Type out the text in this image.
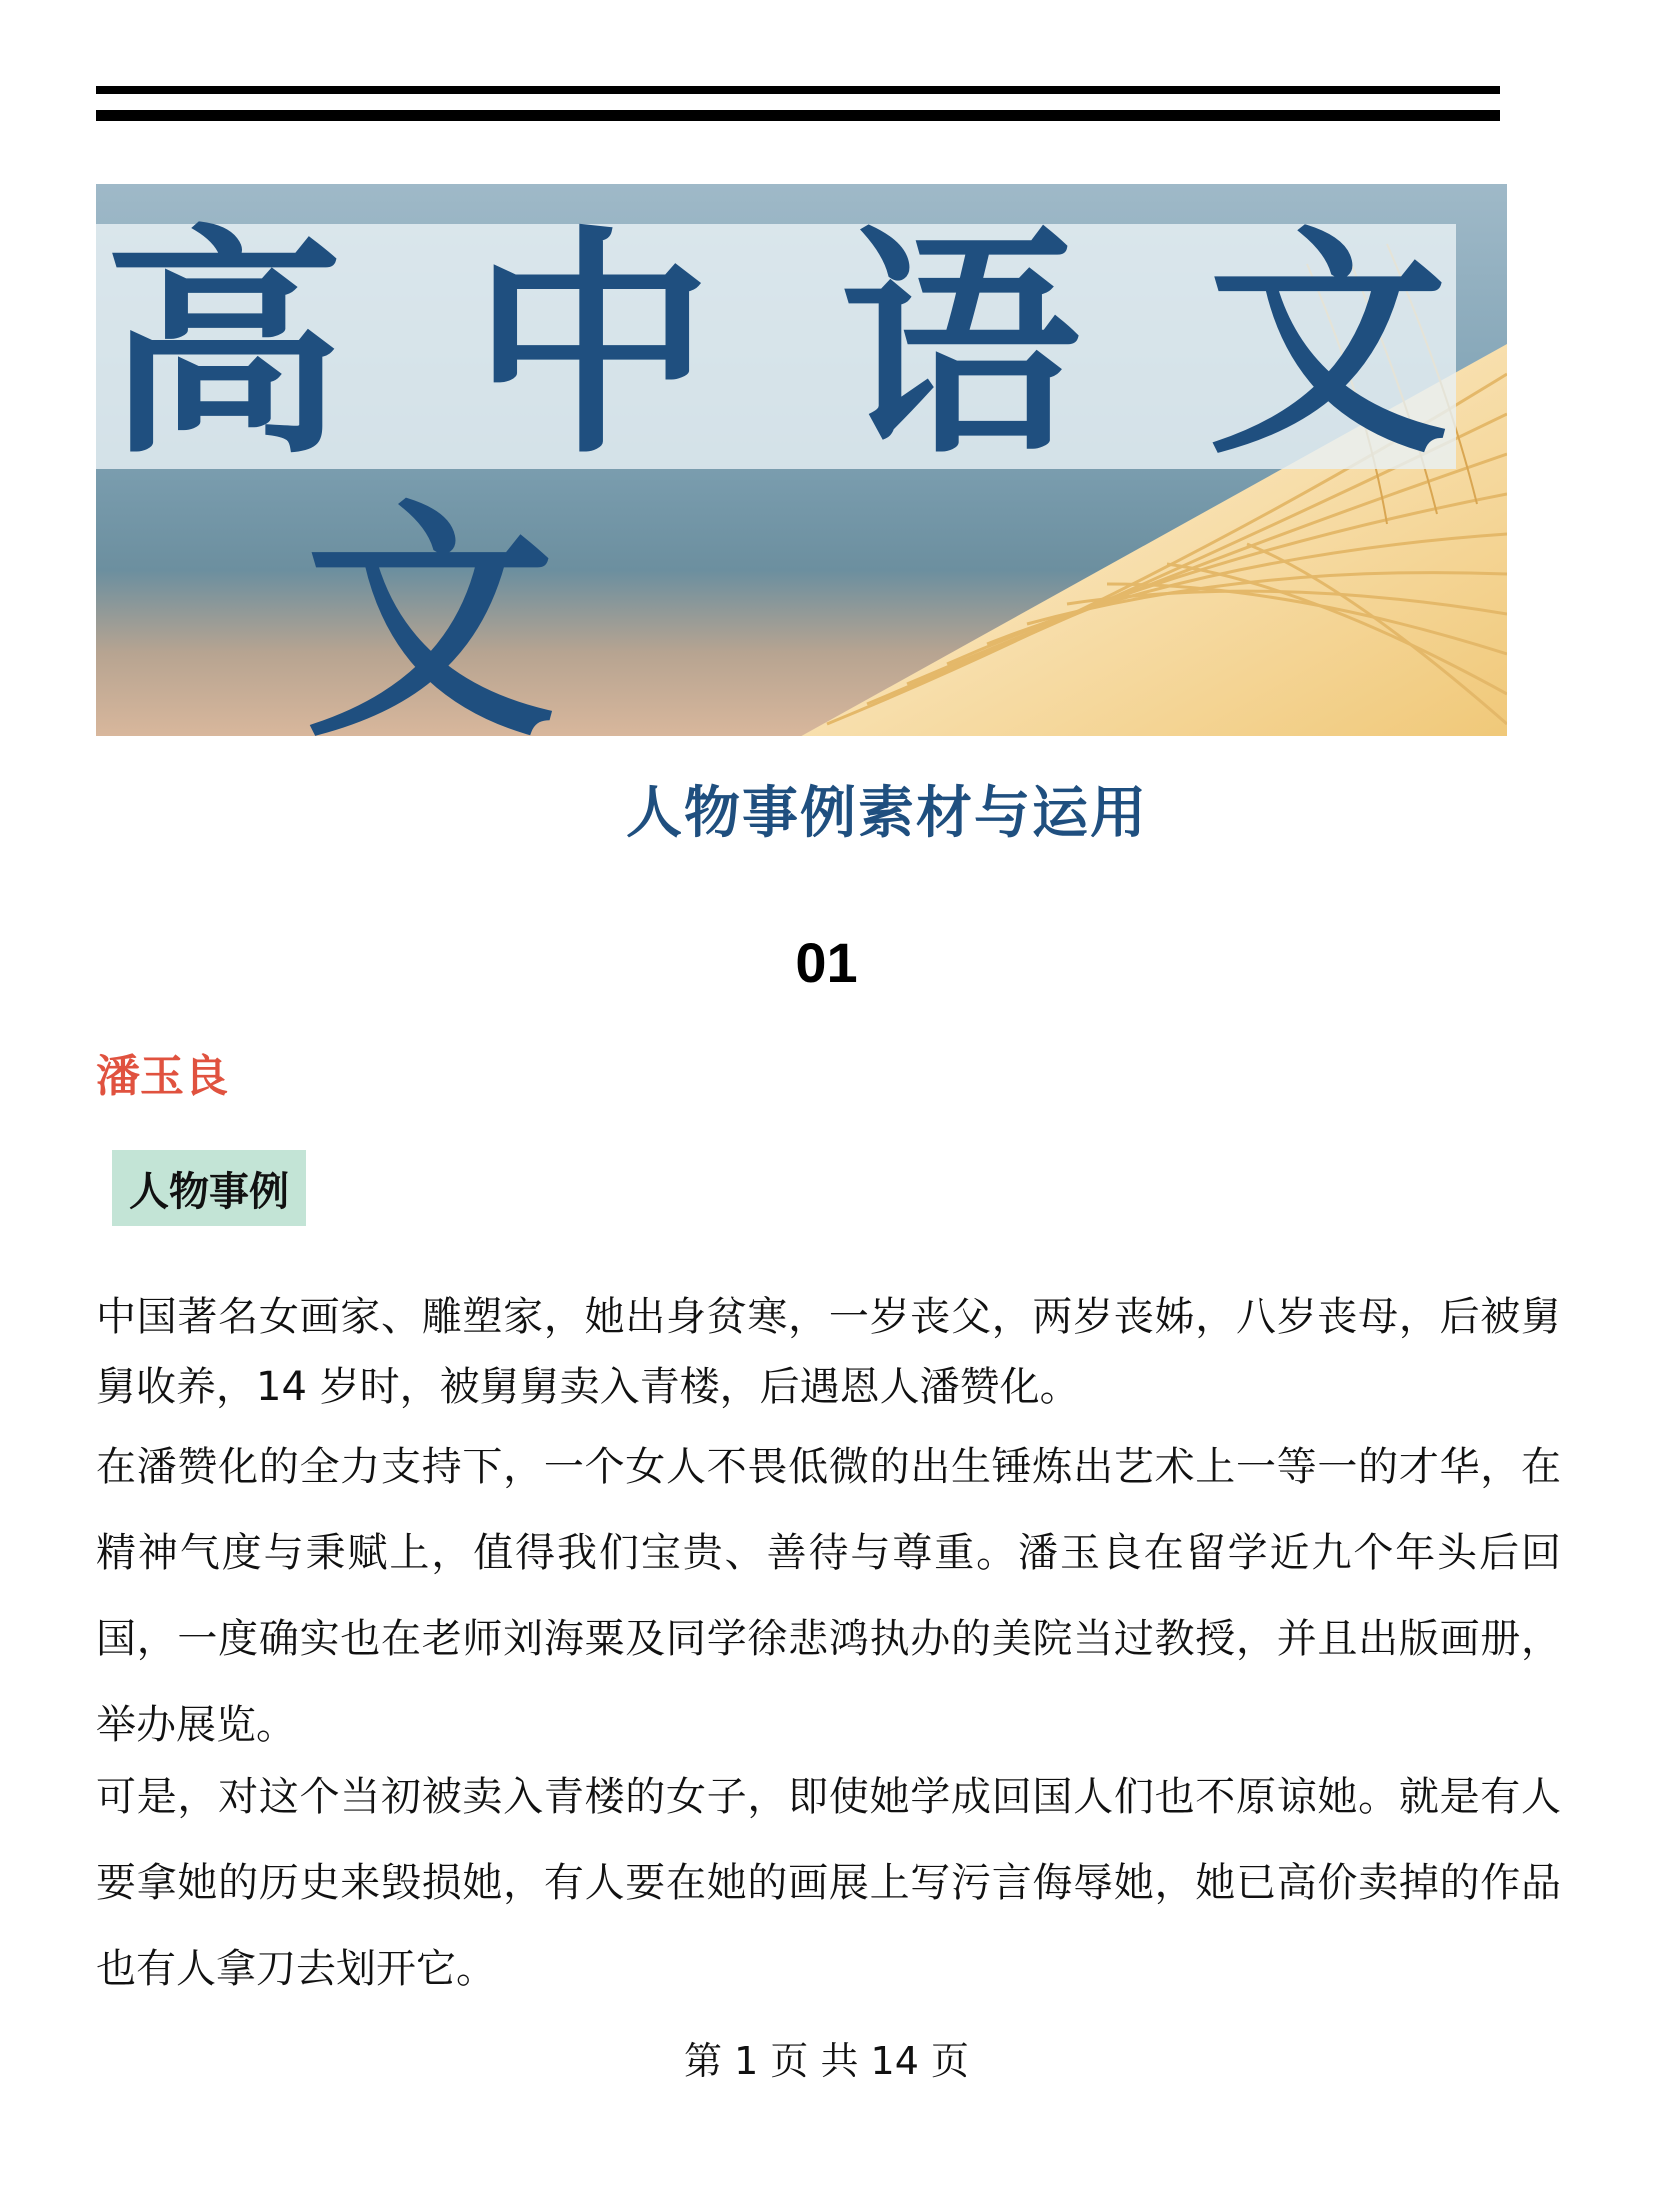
高 中 语 文
文
人物事例素材与运用
01
潘玉良
人物事例

中国著名女画家、雕塑家，她出身贫寒，一岁丧父，两岁丧姊，八岁丧母，后被舅舅收养，14 岁时，被舅舅卖入青楼，后遇恩人潘赞化。

在潘赞化的全力支持下，一个女人不畏低微的出生锤炼出艺术上一等一的才华，在精神气度与秉赋上，值得我们宝贵、善待与尊重。潘玉良在留学近九个年头后回国，一度确实也在老师刘海粟及同学徐悲鸿执办的美院当过教授，并且出版画册，举办展览。

可是，对这个当初被卖入青楼的女子，即使她学成回国人们也不原谅她。就是有人要拿她的历史来毁损她，有人要在她的画展上写污言侮辱她，她已高价卖掉的作品也有人拿刀去划开它。

第 1 页 共 14 页
